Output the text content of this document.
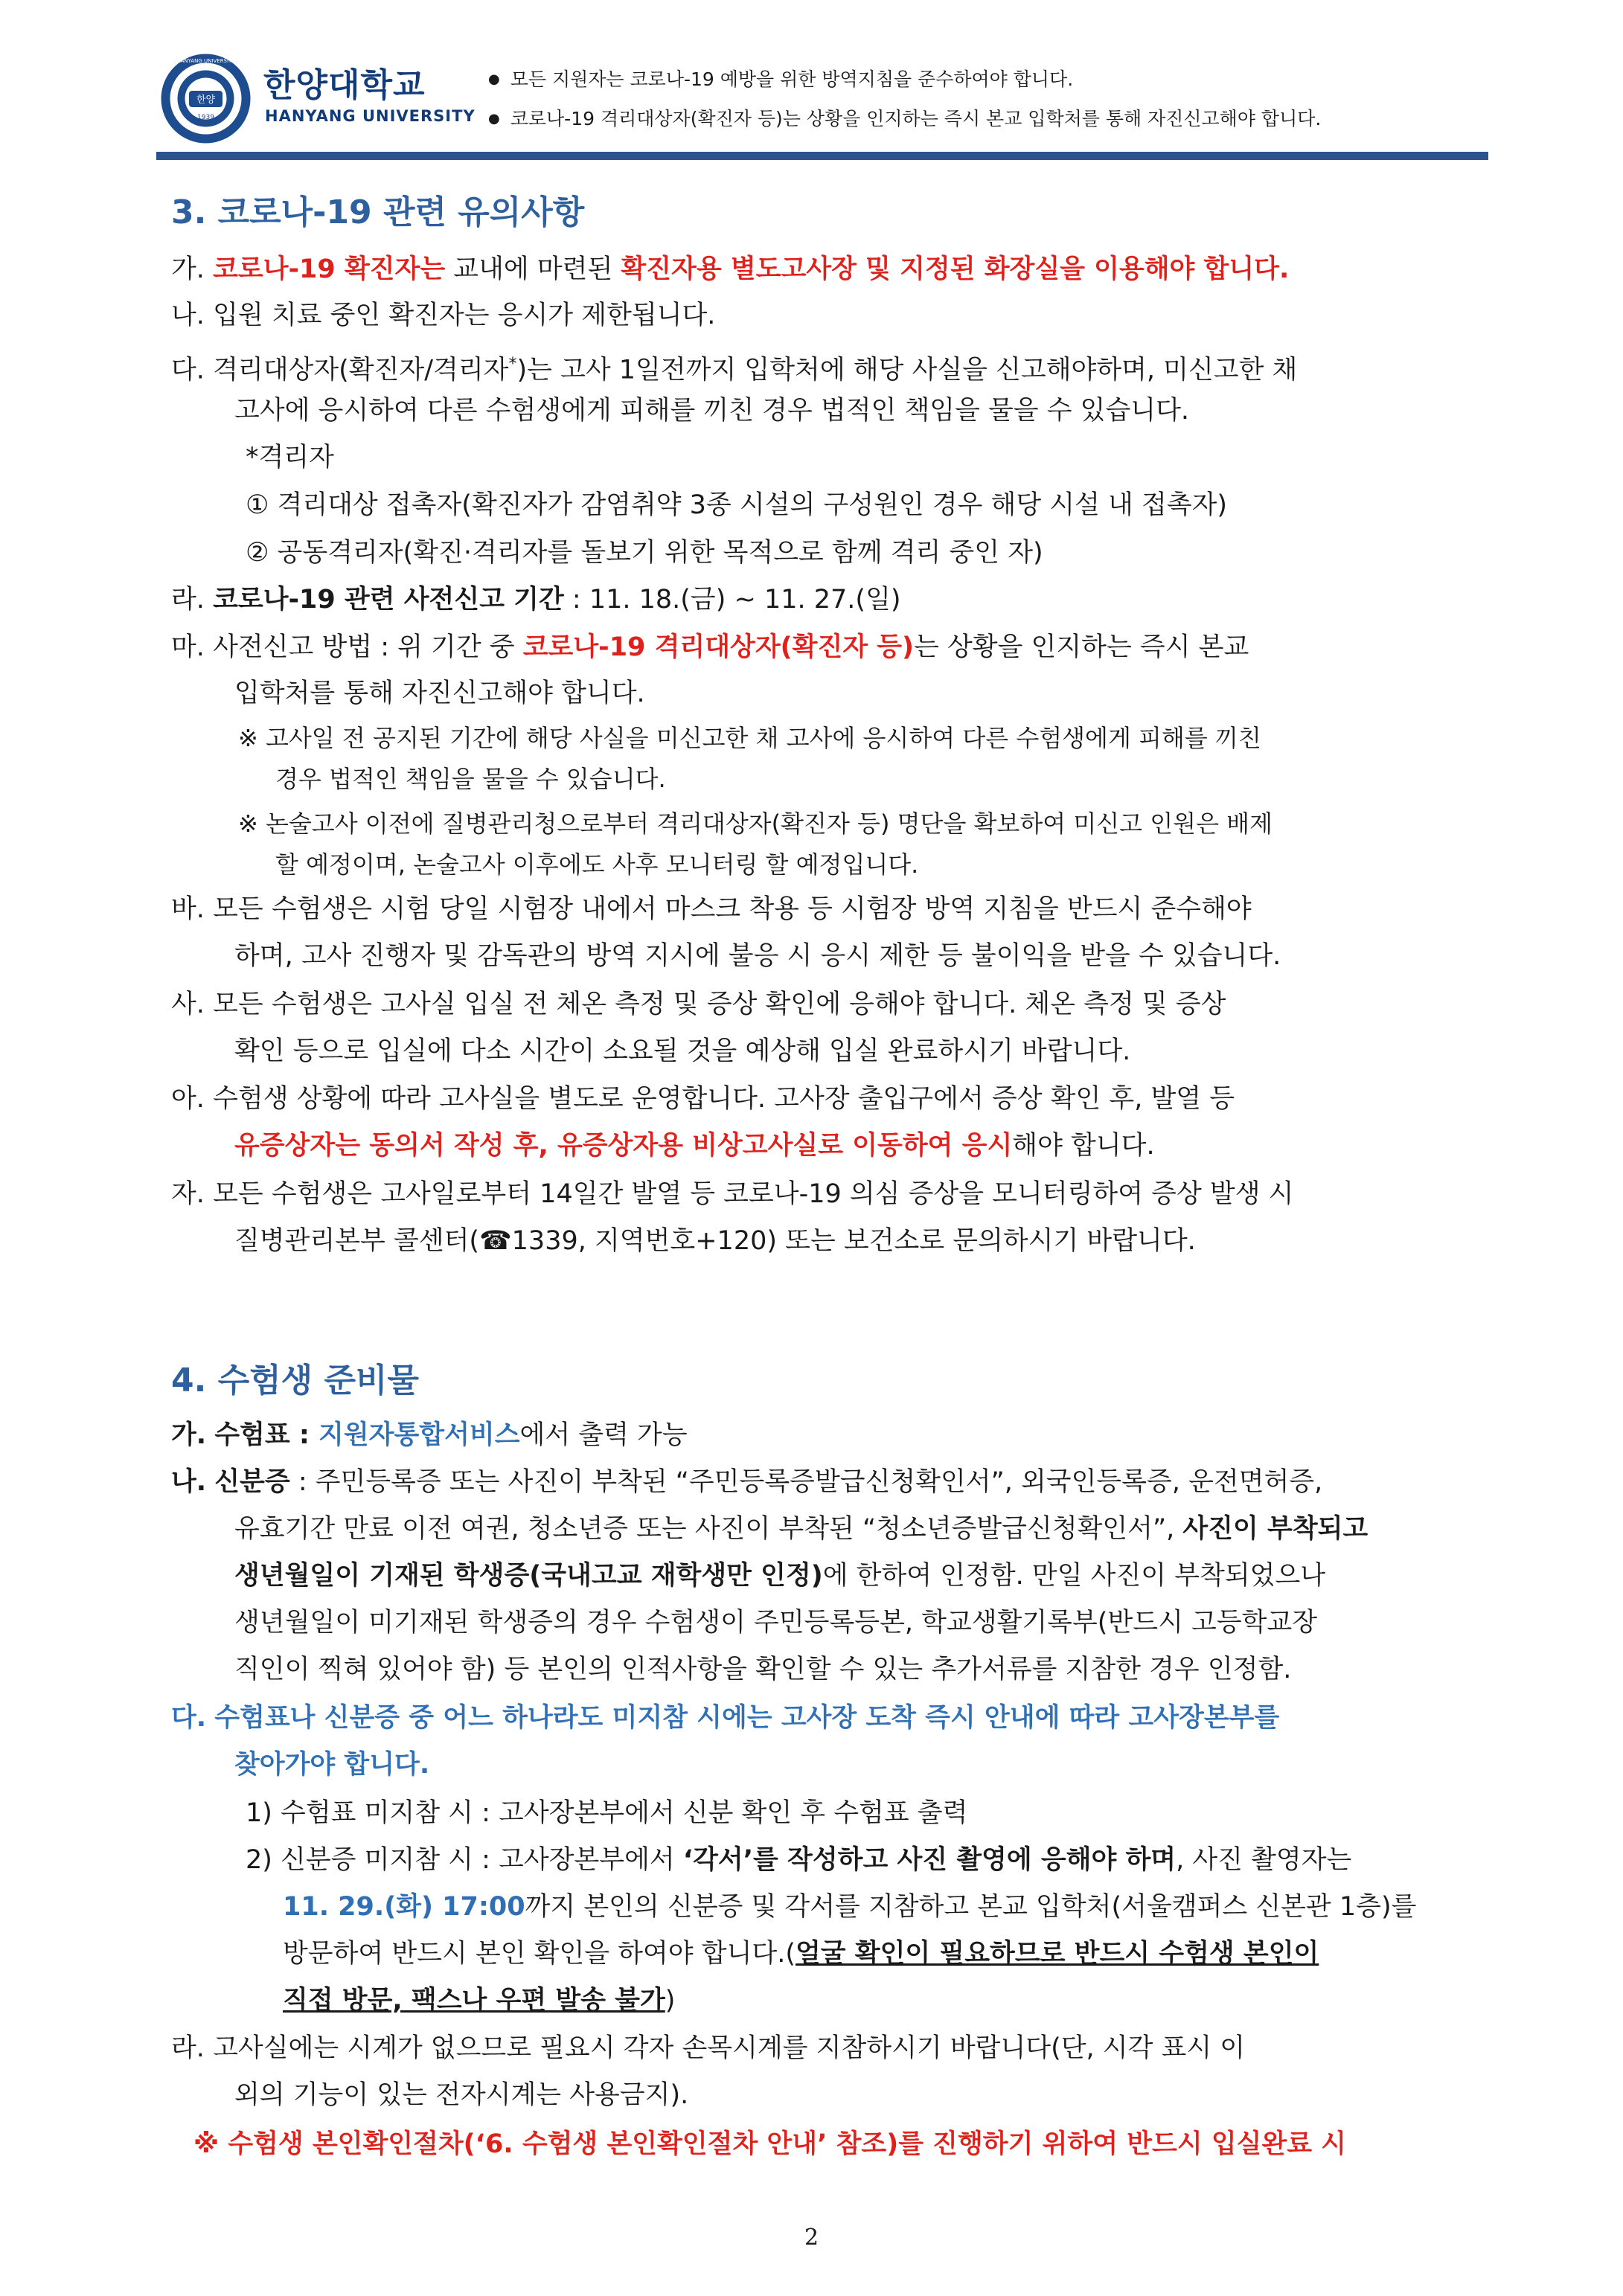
한양
1939
HANYANG UNIVERSITY
한양대학교
HANYANG UNIVERSITY
● 모든 지원자는 코로나-19 예방을 위한 방역지침을 준수하여야 합니다.
● 코로나-19 격리대상자(확진자 등)는 상황을 인지하는 즉시 본교 입학처를 통해 자진신고해야 합니다.
3. 코로나-19 관련 유의사항
가. 코로나-19 확진자는 교내에 마련된 확진자용 별도고사장 및 지정된 화장실을 이용해야 합니다.
나. 입원 치료 중인 확진자는 응시가 제한됩니다.
다. 격리대상자(확진자/격리자*)는 고사 1일전까지 입학처에 해당 사실을 신고해야하며, 미신고한 채
고사에 응시하여 다른 수험생에게 피해를 끼친 경우 법적인 책임을 물을 수 있습니다.
*격리자
① 격리대상 접촉자(확진자가 감염취약 3종 시설의 구성원인 경우 해당 시설 내 접촉자)
② 공동격리자(확진·격리자를 돌보기 위한 목적으로 함께 격리 중인 자)
라. 코로나-19 관련 사전신고 기간 : 11. 18.(금) ~ 11. 27.(일)
마. 사전신고 방법 : 위 기간 중 코로나-19 격리대상자(확진자 등)는 상황을 인지하는 즉시 본교
입학처를 통해 자진신고해야 합니다.
※ 고사일 전 공지된 기간에 해당 사실을 미신고한 채 고사에 응시하여 다른 수험생에게 피해를 끼친
경우 법적인 책임을 물을 수 있습니다.
※ 논술고사 이전에 질병관리청으로부터 격리대상자(확진자 등) 명단을 확보하여 미신고 인원은 배제
할 예정이며, 논술고사 이후에도 사후 모니터링 할 예정입니다.
바. 모든 수험생은 시험 당일 시험장 내에서 마스크 착용 등 시험장 방역 지침을 반드시 준수해야
하며, 고사 진행자 및 감독관의 방역 지시에 불응 시 응시 제한 등 불이익을 받을 수 있습니다.
사. 모든 수험생은 고사실 입실 전 체온 측정 및 증상 확인에 응해야 합니다. 체온 측정 및 증상
확인 등으로 입실에 다소 시간이 소요될 것을 예상해 입실 완료하시기 바랍니다.
아. 수험생 상황에 따라 고사실을 별도로 운영합니다. 고사장 출입구에서 증상 확인 후, 발열 등
유증상자는 동의서 작성 후, 유증상자용 비상고사실로 이동하여 응시해야 합니다.
자. 모든 수험생은 고사일로부터 14일간 발열 등 코로나-19 의심 증상을 모니터링하여 증상 발생 시
질병관리본부 콜센터(☎1339, 지역번호+120) 또는 보건소로 문의하시기 바랍니다.
4. 수험생 준비물
가. 수험표 : 지원자통합서비스에서 출력 가능
나. 신분증 : 주민등록증 또는 사진이 부착된 “주민등록증발급신청확인서”, 외국인등록증, 운전면허증,
유효기간 만료 이전 여권, 청소년증 또는 사진이 부착된 “청소년증발급신청확인서”, 사진이 부착되고
생년월일이 기재된 학생증(국내고교 재학생만 인정)에 한하여 인정함. 만일 사진이 부착되었으나
생년월일이 미기재된 학생증의 경우 수험생이 주민등록등본, 학교생활기록부(반드시 고등학교장
직인이 찍혀 있어야 함) 등 본인의 인적사항을 확인할 수 있는 추가서류를 지참한 경우 인정함.
다. 수험표나 신분증 중 어느 하나라도 미지참 시에는 고사장 도착 즉시 안내에 따라 고사장본부를
찾아가야 합니다.
1) 수험표 미지참 시 : 고사장본부에서 신분 확인 후 수험표 출력
2) 신분증 미지참 시 : 고사장본부에서 ‘각서’를 작성하고 사진 촬영에 응해야 하며, 사진 촬영자는
11. 29.(화) 17:00까지 본인의 신분증 및 각서를 지참하고 본교 입학처(서울캠퍼스 신본관 1층)를
방문하여 반드시 본인 확인을 하여야 합니다.(얼굴 확인이 필요하므로 반드시 수험생 본인이
직접 방문, 팩스나 우편 발송 불가)
라. 고사실에는 시계가 없으므로 필요시 각자 손목시계를 지참하시기 바랍니다(단, 시각 표시 이
외의 기능이 있는 전자시계는 사용금지).
※ 수험생 본인확인절차(‘6. 수험생 본인확인절차 안내’ 참조)를 진행하기 위하여 반드시 입실완료 시
2
